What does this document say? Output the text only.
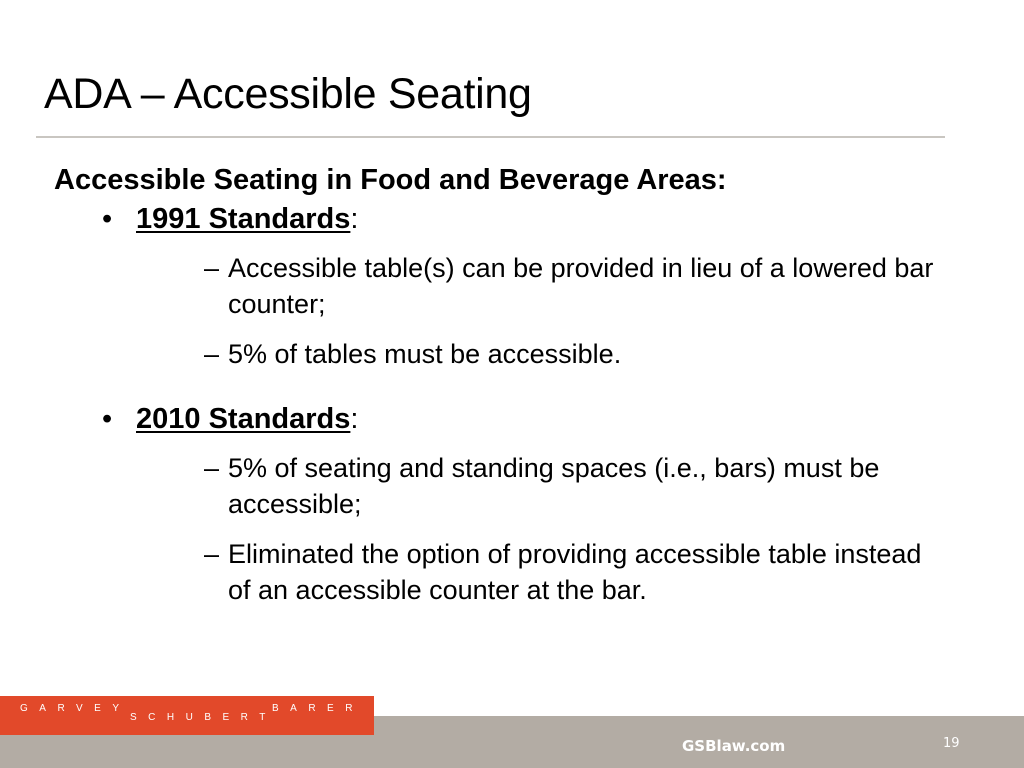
ADA – Accessible Seating
Accessible Seating in Food and Beverage Areas:
• 1991 Standards:
– Accessible table(s) can be provided in lieu of a lowered bar counter;
– 5% of tables must be accessible.
• 2010 Standards:
– 5% of seating and standing spaces (i.e., bars) must be accessible;
– Eliminated the option of providing accessible table instead of an accessible counter at the bar.
GARVEY
SCHUBERT
BARER
GSBlaw.com	19
